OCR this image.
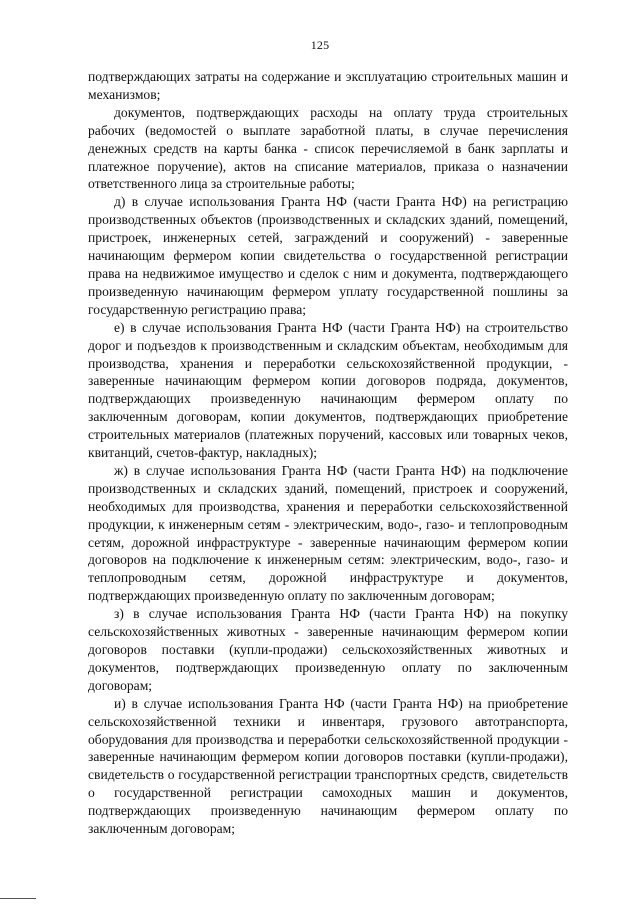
125

подтверждающих затраты на содержание и эксплуатацию строительных машин и механизмов;

документов, подтверждающих расходы на оплату труда строительных рабочих (ведомостей о выплате заработной платы, в случае перечисления денежных средств на карты банка - список перечисляемой в банк зарплаты и платежное поручение), актов на списание материалов, приказа о назначении ответственного лица за строительные работы;

д) в случае использования Гранта НФ (части Гранта НФ) на регистрацию производственных объектов (производственных и складских зданий, помещений, пристроек, инженерных сетей, заграждений и сооружений) - заверенные начинающим фермером копии свидетельства о государственной регистрации права на недвижимое имущество и сделок с ним и документа, подтверждающего произведенную начинающим фермером уплату государственной пошлины за государственную регистрацию права;

е) в случае использования Гранта НФ (части Гранта НФ) на строительство дорог и подъездов к производственным и складским объектам, необходимым для производства, хранения и переработки сельскохозяйственной продукции, - заверенные начинающим фермером копии договоров подряда, документов, подтверждающих произведенную начинающим фермером оплату по заключенным договорам, копии документов, подтверждающих приобретение строительных материалов (платежных поручений, кассовых или товарных чеков, квитанций, счетов-фактур, накладных);

ж) в случае использования Гранта НФ (части Гранта НФ) на подключение производственных и складских зданий, помещений, пристроек и сооружений, необходимых для производства, хранения и переработки сельскохозяйственной продукции, к инженерным сетям - электрическим, водо-, газо- и теплопроводным сетям, дорожной инфраструктуре - заверенные начинающим фермером копии договоров на подключение к инженерным сетям: электрическим, водо-, газо- и теплопроводным сетям, дорожной инфраструктуре и документов, подтверждающих произведенную оплату по заключенным договорам;

з) в случае использования Гранта НФ (части Гранта НФ) на покупку сельскохозяйственных животных - заверенные начинающим фермером копии договоров поставки (купли-продажи) сельскохозяйственных животных и документов, подтверждающих произведенную оплату по заключенным договорам;

и) в случае использования Гранта НФ (части Гранта НФ) на приобретение сельскохозяйственной техники и инвентаря, грузового автотранспорта, оборудования для производства и переработки сельскохозяйственной продукции - заверенные начинающим фермером копии договоров поставки (купли-продажи), свидетельств о государственной регистрации транспортных средств, свидетельств о государственной регистрации самоходных машин и документов, подтверждающих произведенную начинающим фермером оплату по заключенным договорам;
